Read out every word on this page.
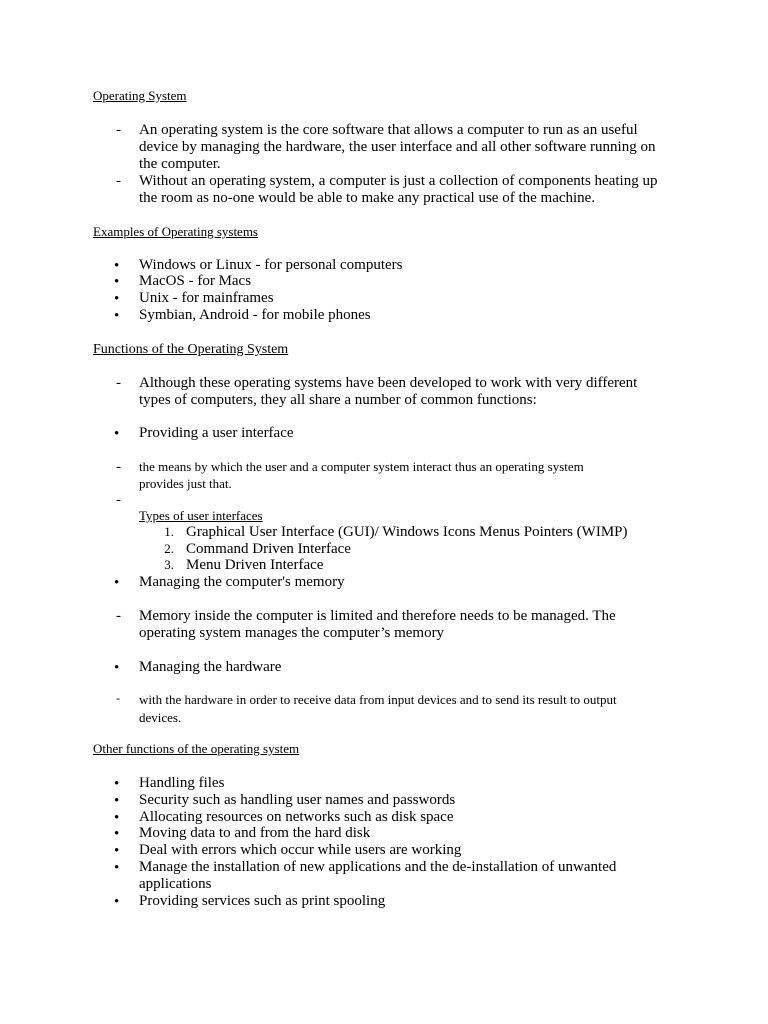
Operating System
- An operating system is the core software that allows a computer to run as an useful
device by managing the hardware, the user interface and all other software running on
the computer.
- Without an operating system, a computer is just a collection of components heating up
the room as no-one would be able to make any practical use of the machine.
Examples of Operating systems
• Windows or Linux - for personal computers
• MacOS - for Macs
• Unix - for mainframes
• Symbian, Android - for mobile phones
Functions of the Operating System
- Although these operating systems have been developed to work with very different
types of computers, they all share a number of common functions:
• Providing a user interface
- the means by which the user and a computer system interact thus an operating system
provides just that.
-
Types of user interfaces
1. Graphical User Interface (GUI)/ Windows Icons Menus Pointers (WIMP)
2. Command Driven Interface
3. Menu Driven Interface
• Managing the computer's memory
- Memory inside the computer is limited and therefore needs to be managed. The
operating system manages the computer’s memory
• Managing the hardware
- with the hardware in order to receive data from input devices and to send its result to output
devices.
Other functions of the operating system
• Handling files
• Security such as handling user names and passwords
• Allocating resources on networks such as disk space
• Moving data to and from the hard disk
• Deal with errors which occur while users are working
• Manage the installation of new applications and the de-installation of unwanted
applications
• Providing services such as print spooling
